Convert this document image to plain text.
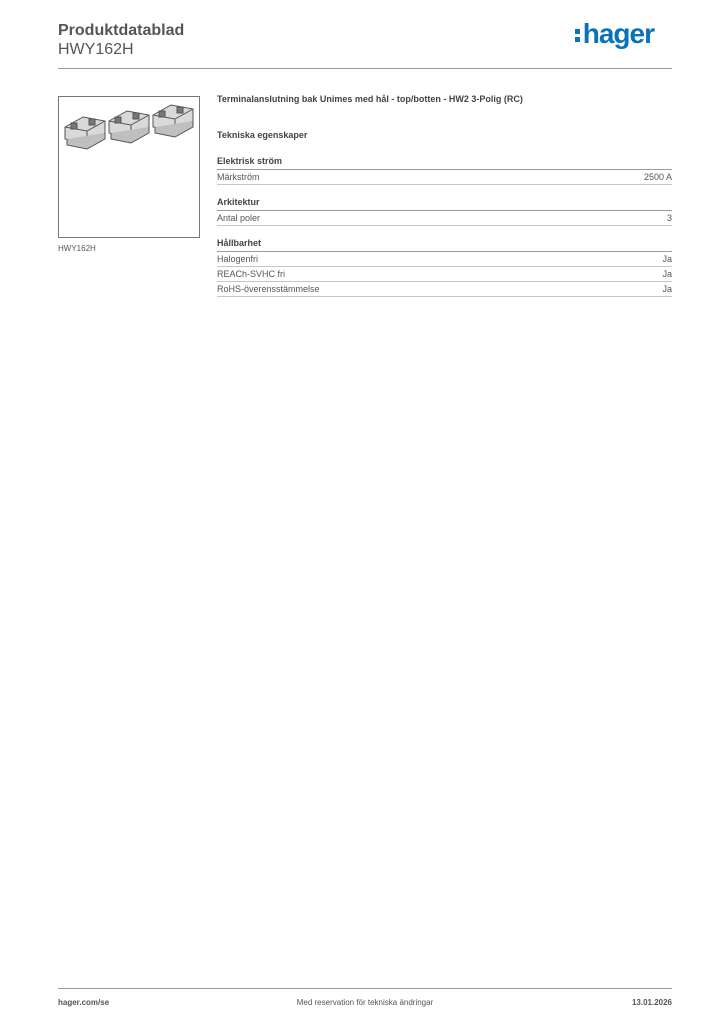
Produktdatablad
HWY162H
hager
HWY162H
Terminalanslutning bak Unimes med hål - top/botten - HW2 3-Polig (RC)
Tekniska egenskaper
Elektrisk ström
Märkström	2500 A
Arkitektur
Antal poler	3
Hållbarhet
Halogenfri	Ja
REACh-SVHC fri	Ja
RoHS-överensstämmelse	Ja
hager.com/se	Med reservation för tekniska ändringar	13.01.2026
